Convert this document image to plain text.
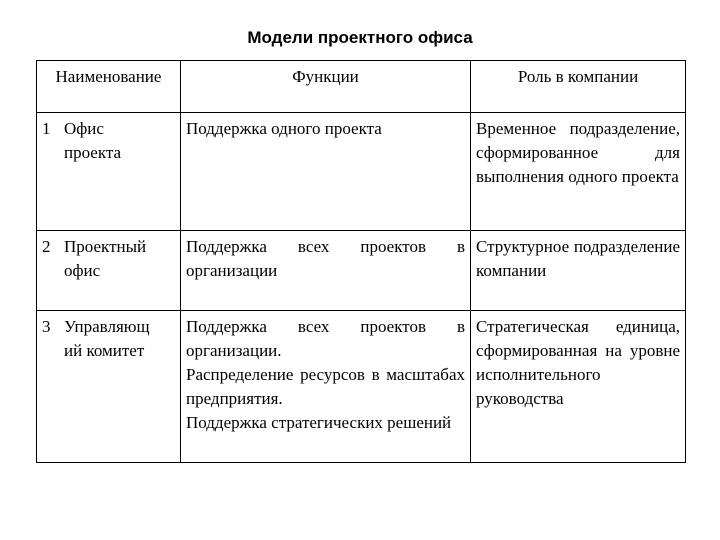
Модели проектного офиса
Наименование	Функции	Роль в компании

1 Офис
проекта	Поддержка одного проекта	Временное подразделение, сформированное для выполнения одного проекта

2 Проектный
офис	Поддержка всех проектов в организации	Структурное подразделение компании

3 Управляющ
ий комитет	Поддержка всех проектов в организации.
Распределение ресурсов в масштабах предприятия.
Поддержка стратегических решений	Стратегическая единица, сформированная на уровне исполнительного руководства
